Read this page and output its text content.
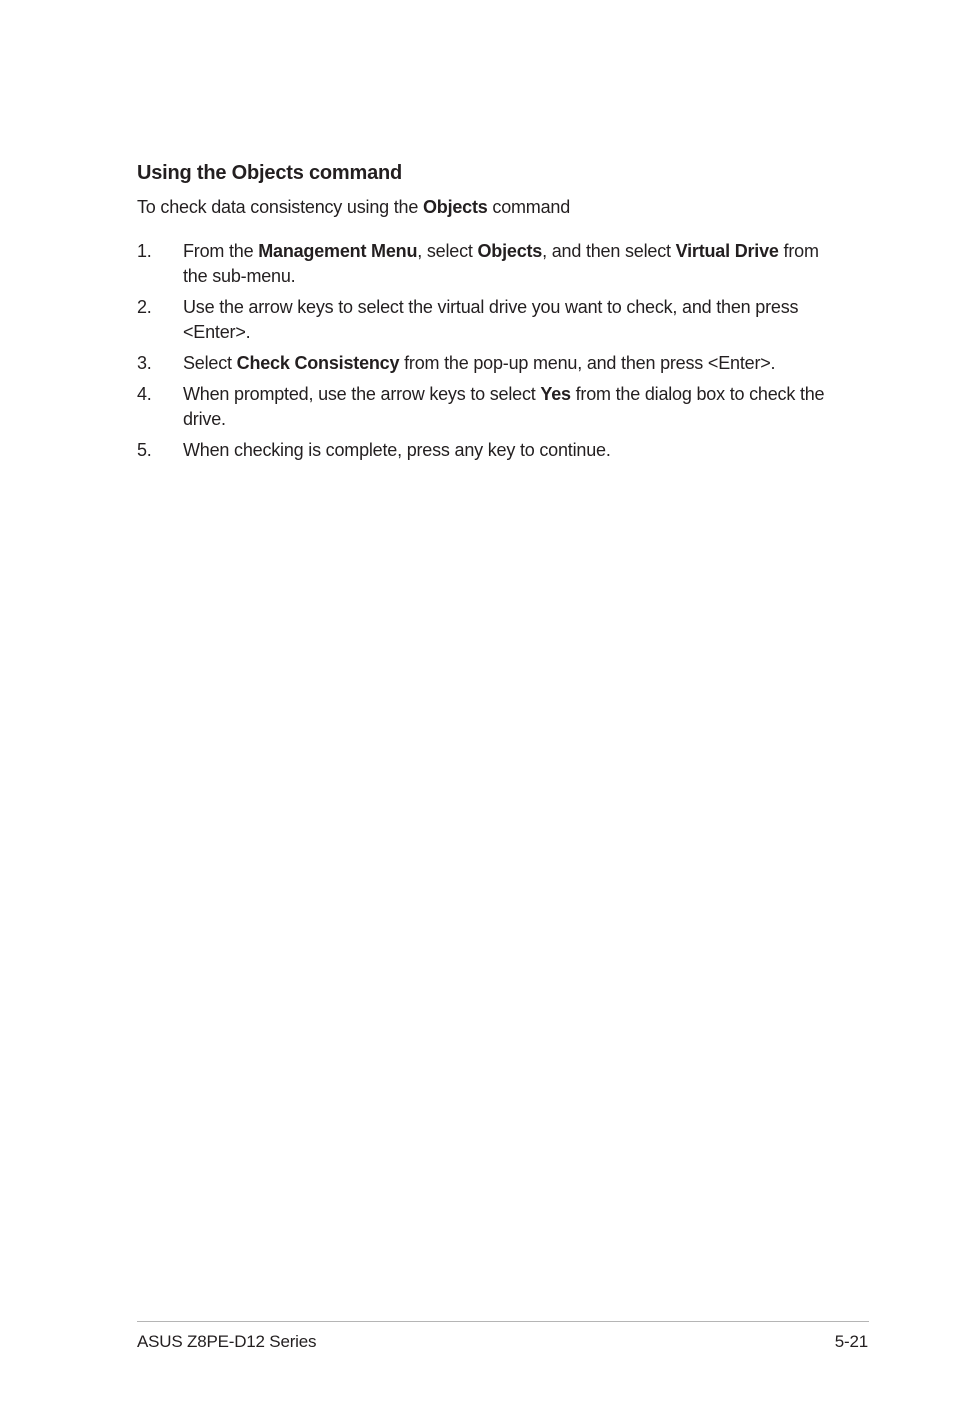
Using the Objects command

To check data consistency using the Objects command

1. From the Management Menu, select Objects, and then select Virtual Drive from the sub-menu.
2. Use the arrow keys to select the virtual drive you want to check, and then press <Enter>.
3. Select Check Consistency from the pop-up menu, and then press <Enter>.
4. When prompted, use the arrow keys to select Yes from the dialog box to check the drive.
5. When checking is complete, press any key to continue.
ASUS Z8PE-D12 Series	5-21
